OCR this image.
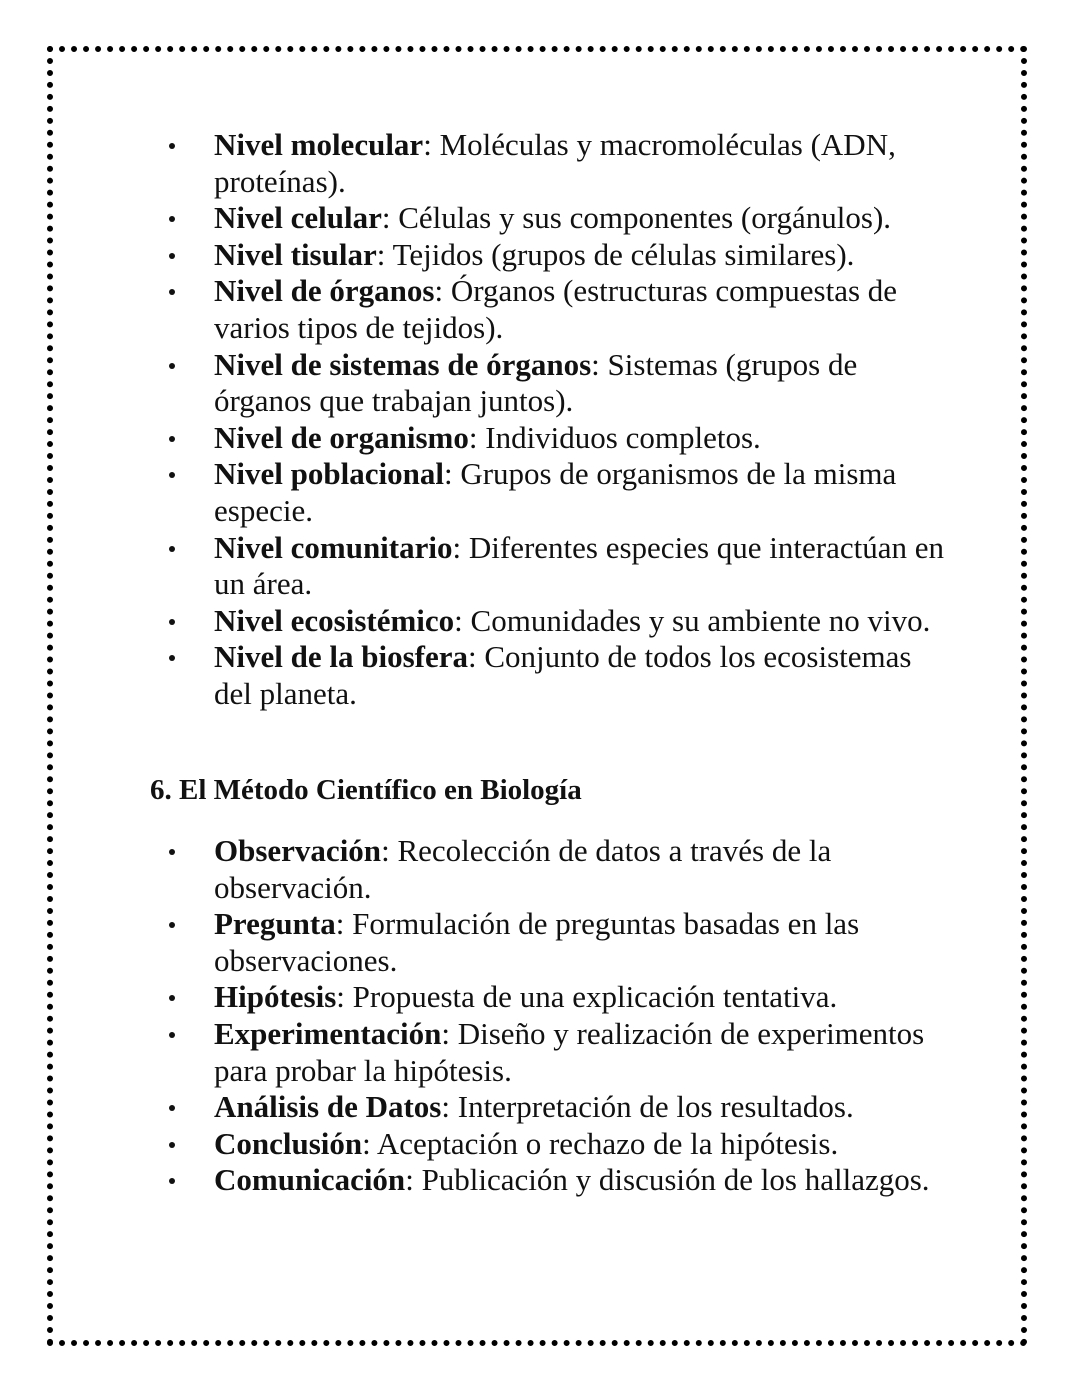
Nivel molecular: Moléculas y macromoléculas (ADN, proteínas).
Nivel celular: Células y sus componentes (orgánulos).
Nivel tisular: Tejidos (grupos de células similares).
Nivel de órganos: Órganos (estructuras compuestas de varios tipos de tejidos).
Nivel de sistemas de órganos: Sistemas (grupos de órganos que trabajan juntos).
Nivel de organismo: Individuos completos.
Nivel poblacional: Grupos de organismos de la misma especie.
Nivel comunitario: Diferentes especies que interactúan en un área.
Nivel ecosistémico: Comunidades y su ambiente no vivo.
Nivel de la biosfera: Conjunto de todos los ecosistemas del planeta.
6. El Método Científico en Biología
Observación: Recolección de datos a través de la observación.
Pregunta: Formulación de preguntas basadas en las observaciones.
Hipótesis: Propuesta de una explicación tentativa.
Experimentación: Diseño y realización de experimentos para probar la hipótesis.
Análisis de Datos: Interpretación de los resultados.
Conclusión: Aceptación o rechazo de la hipótesis.
Comunicación: Publicación y discusión de los hallazgos.
